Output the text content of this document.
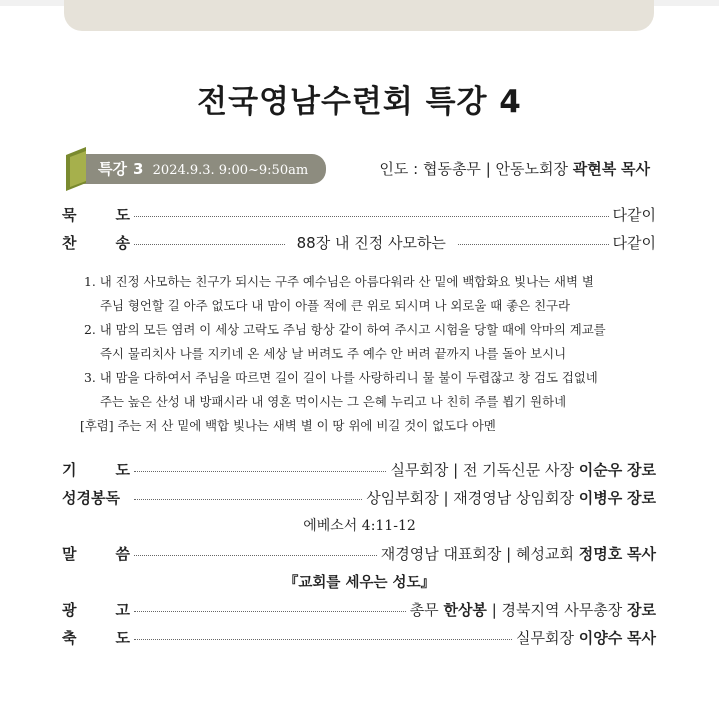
전국영남수련회 특강 4
특강 3 2024.9.3. 9:00~9:50am	인도 : 협동총무 | 안동노회장 곽현복 목사
묵	도	다같이
찬	송	88장 내 진정 사모하는	다같이
1. 내 진정 사모하는 친구가 되시는 구주 예수님은 아름다워라 산 밑에 백합화요 빛나는 새벽 별
주님 형언할 길 아주 없도다 내 맘이 아플 적에 큰 위로 되시며 나 외로울 때 좋은 친구라
2. 내 맘의 모든 염려 이 세상 고락도 주님 항상 같이 하여 주시고 시험을 당할 때에 악마의 계교를
즉시 물리치사 나를 지키네 온 세상 날 버려도 주 예수 안 버려 끝까지 나를 돌아 보시니
3. 내 맘을 다하여서 주님을 따르면 길이 길이 나를 사랑하리니 물 불이 두렵잖고 창 검도 겁없네
주는 높은 산성 내 방패시라 내 영혼 먹이시는 그 은혜 누리고 나 친히 주를 뵙기 원하네
[후렴] 주는 저 산 밑에 백합 빛나는 새벽 별 이 땅 위에 비길 것이 없도다 아멘
기	도	실무회장 | 전 기독신문 사장 이순우 장로
성경봉독	상임부회장 | 재경영남 상임회장 이병우 장로
에베소서 4:11-12
말	씀	재경영남 대표회장 | 혜성교회 정명호 목사
『교회를 세우는 성도』
광	고	총무 한상봉 | 경북지역 사무총장 장로
축	도	실무회장 이양수 목사
